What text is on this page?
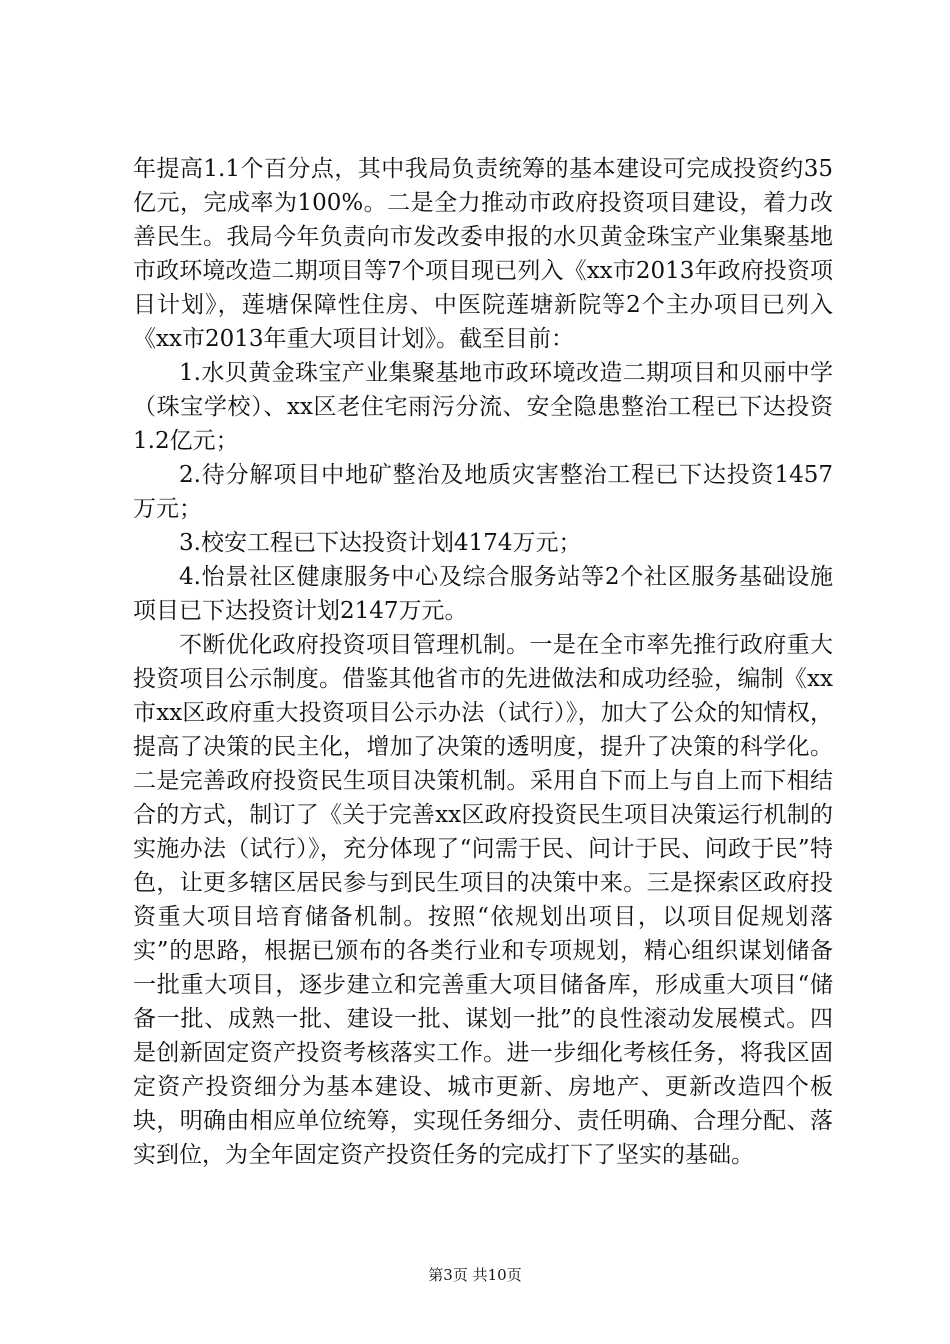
年提高1.1个百分点，其中我局负责统筹的基本建设可完成投资约35亿元，完成率为100%。二是全力推动市政府投资项目建设，着力改善民生。我局今年负责向市发改委申报的水贝黄金珠宝产业集聚基地市政环境改造二期项目等7个项目现已列入《xx市2013年政府投资项目计划》，莲塘保障性住房、中医院莲塘新院等2个主办项目已列入《xx市2013年重大项目计划》。截至目前：

1.水贝黄金珠宝产业集聚基地市政环境改造二期项目和贝丽中学（珠宝学校）、xx区老住宅雨污分流、安全隐患整治工程已下达投资1.2亿元；

2.待分解项目中地矿整治及地质灾害整治工程已下达投资1457万元；

3.校安工程已下达投资计划4174万元；

4.怡景社区健康服务中心及综合服务站等2个社区服务基础设施项目已下达投资计划2147万元。

不断优化政府投资项目管理机制。一是在全市率先推行政府重大投资项目公示制度。借鉴其他省市的先进做法和成功经验，编制《xx市xx区政府重大投资项目公示办法（试行）》，加大了公众的知情权，提高了决策的民主化，增加了决策的透明度，提升了决策的科学化。二是完善政府投资民生项目决策机制。采用自下而上与自上而下相结合的方式，制订了《关于完善xx区政府投资民生项目决策运行机制的实施办法（试行）》，充分体现了“问需于民、问计于民、问政于民”特色，让更多辖区居民参与到民生项目的决策中来。三是探索区政府投资重大项目培育储备机制。按照“依规划出项目，以项目促规划落实”的思路，根据已颁布的各类行业和专项规划，精心组织谋划储备一批重大项目，逐步建立和完善重大项目储备库，形成重大项目“储备一批、成熟一批、建设一批、谋划一批”的良性滚动发展模式。四是创新固定资产投资考核落实工作。进一步细化考核任务，将我区固定资产投资细分为基本建设、城市更新、房地产、更新改造四个板块，明确由相应单位统筹，实现任务细分、责任明确、合理分配、落实到位，为全年固定资产投资任务的完成打下了坚实的基础。

第3页 共10页
